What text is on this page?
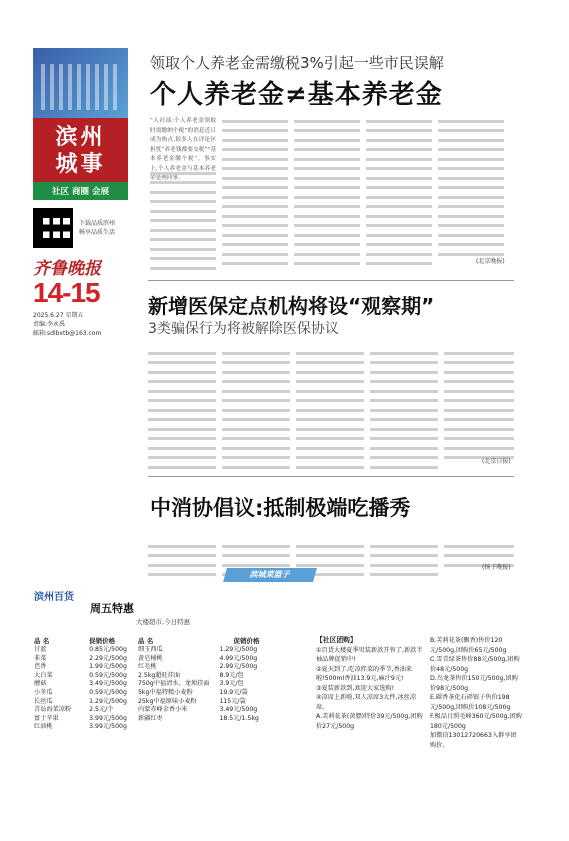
滨州
城事
社区 商圈 会展
下载品质滨州
畅享品质生活
齐鲁晚报
14-15
2025.6.27 星期五
责编:李永禹
邮箱:sdlbxtb@163.com
领取个人养老金需缴税3%引起一些市民误解
个人养老金≠基本养老金
“人社部:个人养老金领取时需缴纳个税”的消息近日成为热点,很多人在评论区担忧“养老钱都要交税”“基本养老金缴个税”。事实上,个人养老金与基本养老金是两回事。
(北京晚报)
新增医保定点机构将设“观察期”
3类骗保行为将被解除医保协议
(北京日报)
中消协倡议:抵制极端吃播秀
(扬子晚报)
滨城菜篮子
滨州百货
周五特惠
大楼超市,今日特惠
品 名	促销价格
甘蓝	0.85元/500g
韭菜	2.29元/500g
芭香	1.99元/500g
大白菜	0.59元/500g
蘑菇	3.49元/500g
小冬瓜	0.59元/500g
长丝瓜	1.29元/500g
青岛海菜凉粉	2.5元/个
富士苹果	3.99元/500g
红油桃	3.99元/500g
品 名	促销价格
细玉西瓜	1.29元/500g
黄皂桶桃	4.99元/500g
红毛桃	2.99元/500g
2.5kg超旺挂面	8.9元/包
750g中福清水、龙须挂面	3.9元/包
5kg中福特精小麦粉	19.9元/袋
25kg中福原味小麦粉	115元/袋
内蒙赤峰金香小米	3.49元/500g
新疆红枣	18.5元/1.5kg
【社区团购】
①百货大楼夏季男装新款开售了,新款半袖品牌促销中!
②夏天到了,吃凉拌菜的季节,香油来啦!500ml香油13.9元,麻汁9元!
③夏装新款到,欢迎大家选购!
④凉席上新啦,双人凉席3大件,冰丝凉席。
A.芙莉花茶(黄膘)特价39元/500g,团购价27元/500g
B.芙莉花茶(飘香)售价120元/500g,团购价65元/500g
C.雪青绿茶售价88元/500g,团购价48元/500g
D.鸟龙茶售价150元/500g,团购价98元/500g
E.碳香茶化石碎银子售价198元/500g,团购价108元/500g
F.极品日照毛峰360元/500g,团购180元/500g
加微信13012720663入群享团购价。
